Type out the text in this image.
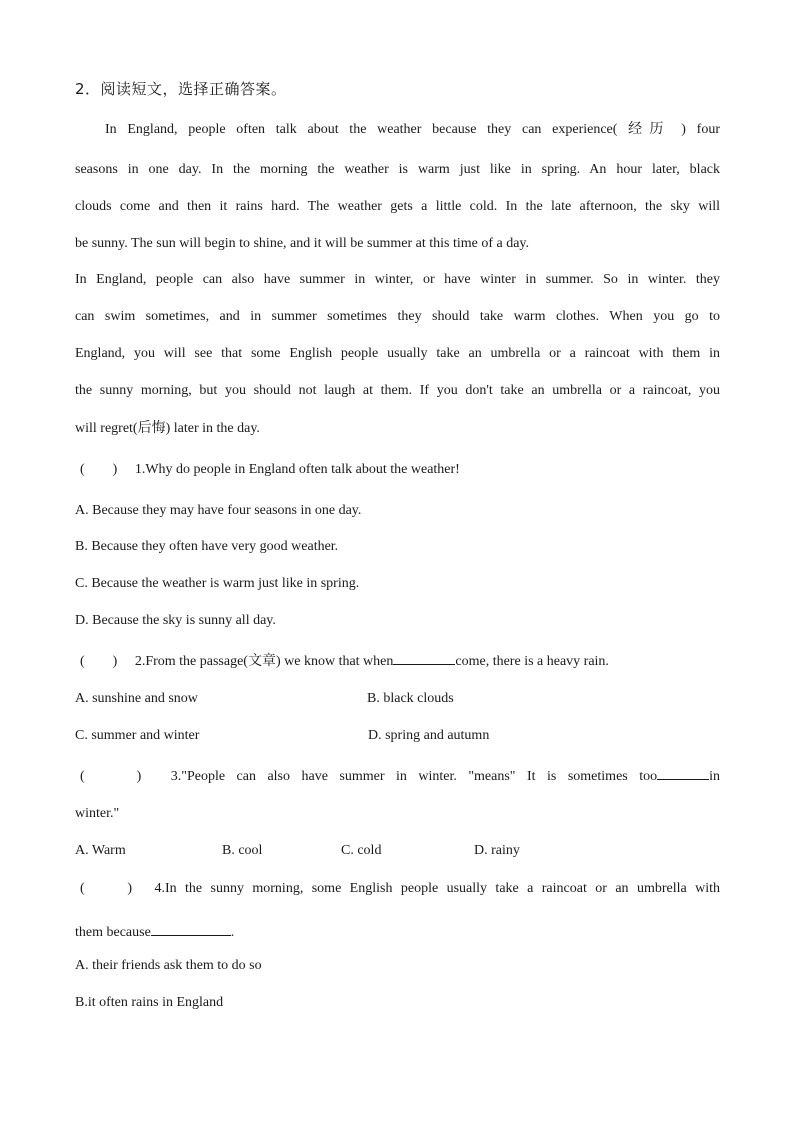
2．阅读短文，选择正确答案。
In England, people often talk about the weather because they can experience( 经历 ) four
seasons in one day. In the morning the weather is warm just like in spring. An hour later, black
clouds come and then it rains hard. The weather gets a little cold. In the late afternoon, the sky will
be sunny. The sun will begin to shine, and it will be summer at this time of a day.
In England, people can also have summer in winter, or have winter in summer. So in winter. they
can swim sometimes, and in summer sometimes they should take warm clothes. When you go to
England, you will see that some English people usually take an umbrella or a raincoat with them in
the sunny morning, but you should not laugh at them. If you don't take an umbrella or a raincoat, you
will regret(后悔) later in the day.
(　　) 1.Why do people in England often talk about the weather!
A. Because they may have four seasons in one day.
B. Because they often have very good weather.
C. Because the weather is warm just like in spring.
D. Because the sky is sunny all day.
(　　) 2.From the passage(文章) we know that when	come, there is a heavy rain.
A. sunshine and snow	B. black clouds
C. summer and winter	D. spring and autumn
(　　) 3."People can also have summer in winter. "means" It is sometimes too	in
winter."
A. Warm	B. cool	C. cold	D. rainy
(　　) 4.In the sunny morning, some English people usually take a raincoat or an umbrella with
them because	.
A. their friends ask them to do so
B.it often rains in England
